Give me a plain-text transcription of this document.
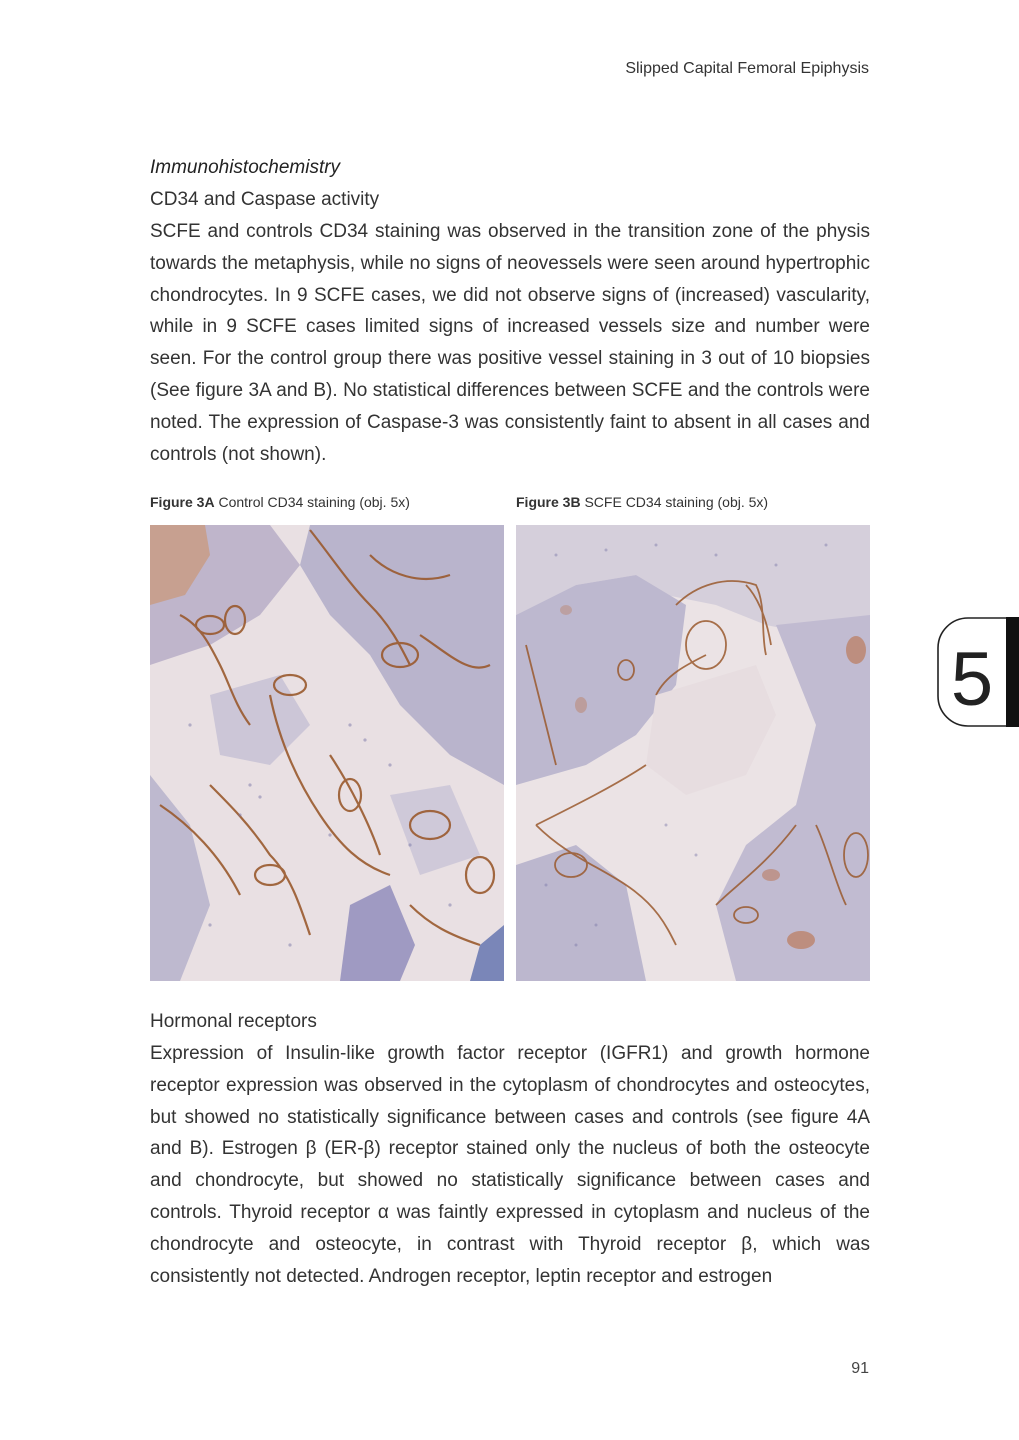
Slipped Capital Femoral Epiphysis

Immunohistochemistry

CD34 and Caspase activity

SCFE and controls CD34 staining was observed in the transition zone of the physis towards the metaphysis, while no signs of neovessels were seen around hypertrophic chondrocytes. In 9 SCFE cases, we did not observe signs of (increased) vascularity, while in 9 SCFE cases limited signs of increased vessels size and number were seen. For the control group there was positive vessel staining in 3 out of 10 biopsies (See figure 3A and B). No statistical differences between SCFE and the controls were noted. The expression of Caspase-3 was consistently faint to absent in all cases and controls (not shown).

Figure 3A Control CD34 staining (obj. 5x)	Figure 3B SCFE CD34 staining (obj. 5x)

Hormonal receptors

Expression of Insulin-like growth factor receptor (IGFR1) and growth hormone receptor expression was observed in the cytoplasm of chondrocytes and osteocytes, but showed no statistically significance between cases and controls (see figure 4A and B). Estrogen β (ER-β) receptor stained only the nucleus of both the osteocyte and chondrocyte, but showed no statistically significance between cases and controls. Thyroid receptor α was faintly expressed in cytoplasm and nucleus of the chondrocyte and osteocyte, in contrast with Thyroid receptor β, which was consistently not detected. Androgen receptor, leptin receptor and estrogen

5
91
